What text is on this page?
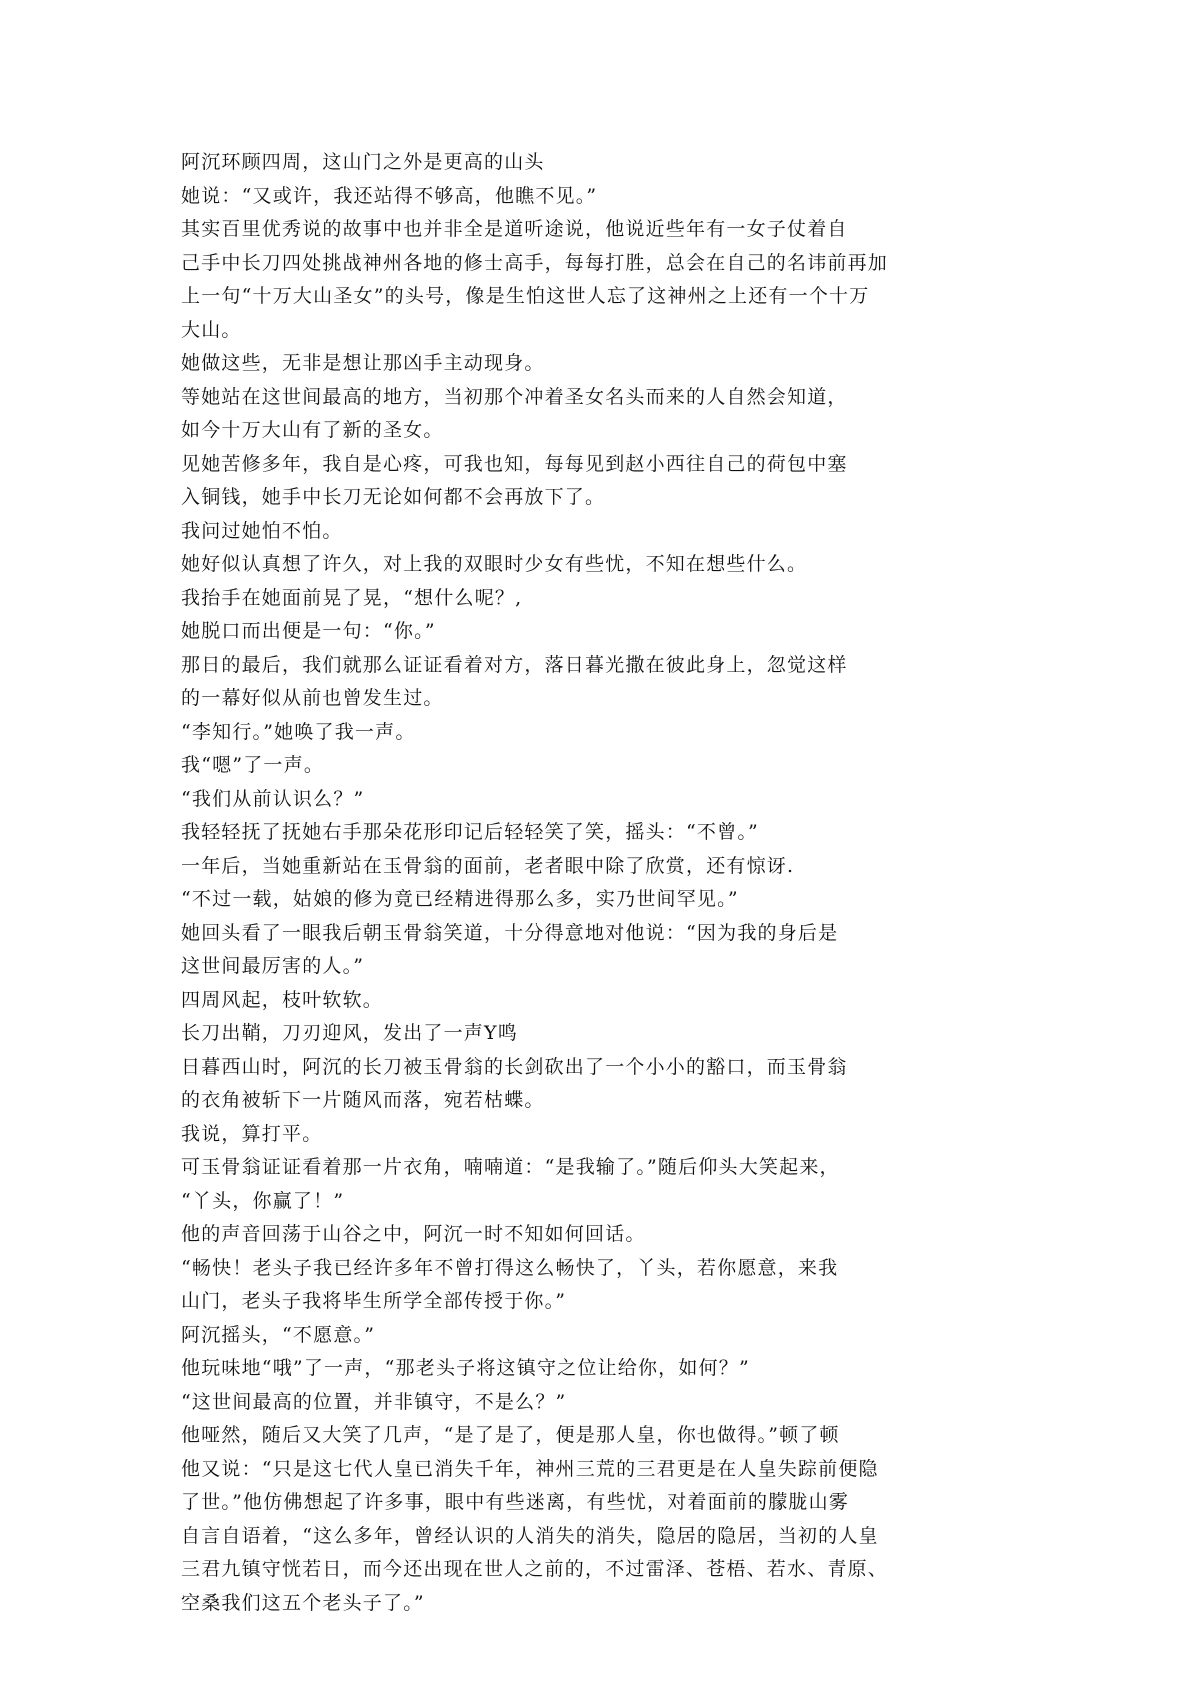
阿沉环顾四周，这山门之外是更高的山头
她说：“又或许，我还站得不够高，他瞧不见。”
其实百里优秀说的故事中也并非全是道听途说，他说近些年有一女子仗着自
己手中长刀四处挑战神州各地的修士高手，每每打胜，总会在自己的名讳前再加
上一句“十万大山圣女”的头号，像是生怕这世人忘了这神州之上还有一个十万
大山。
她做这些，无非是想让那凶手主动现身。
等她站在这世间最高的地方，当初那个冲着圣女名头而来的人自然会知道，
如今十万大山有了新的圣女。
见她苦修多年，我自是心疼，可我也知，每每见到赵小西往自己的荷包中塞
入铜钱，她手中长刀无论如何都不会再放下了。
我问过她怕不怕。
她好似认真想了许久，对上我的双眼时少女有些忧，不知在想些什么。
我抬手在她面前晃了晃，“想什么呢？,
她脱口而出便是一句：“你。”
那日的最后，我们就那么证证看着对方，落日暮光撒在彼此身上，忽觉这样
的一幕好似从前也曾发生过。
“李知行。”她唤了我一声。
我“嗯”了一声。
“我们从前认识么？”
我轻轻抚了抚她右手那朵花形印记后轻轻笑了笑，摇头：“不曾。”
一年后，当她重新站在玉骨翁的面前，老者眼中除了欣赏，还有惊讶.
“不过一载，姑娘的修为竟已经精进得那么多，实乃世间罕见。”
她回头看了一眼我后朝玉骨翁笑道，十分得意地对他说：“因为我的身后是
这世间最厉害的人。”
四周风起，枝叶软软。
长刀出鞘，刀刃迎风，发出了一声Y鸣
日暮西山时，阿沉的长刀被玉骨翁的长剑砍出了一个小小的豁口，而玉骨翁
的衣角被斩下一片随风而落，宛若枯蝶。
我说，算打平。
可玉骨翁证证看着那一片衣角，喃喃道：“是我输了。”随后仰头大笑起来，
“丫头，你赢了！”
他的声音回荡于山谷之中，阿沉一时不知如何回话。
“畅快！老头子我已经许多年不曾打得这么畅快了，丫头，若你愿意，来我
山门，老头子我将毕生所学全部传授于你。”
阿沉摇头，“不愿意。”
他玩味地“哦”了一声，“那老头子将这镇守之位让给你，如何？”
“这世间最高的位置，并非镇守，不是么？”
他哑然，随后又大笑了几声，“是了是了，便是那人皇，你也做得。”顿了顿
他又说：“只是这七代人皇已消失千年，神州三荒的三君更是在人皇失踪前便隐
了世。”他仿佛想起了许多事，眼中有些迷离，有些忧，对着面前的朦胧山雾
自言自语着，“这么多年，曾经认识的人消失的消失，隐居的隐居，当初的人皇
三君九镇守恍若日，而今还出现在世人之前的，不过雷泽、苍梧、若水、青原、
空桑我们这五个老头子了。”
